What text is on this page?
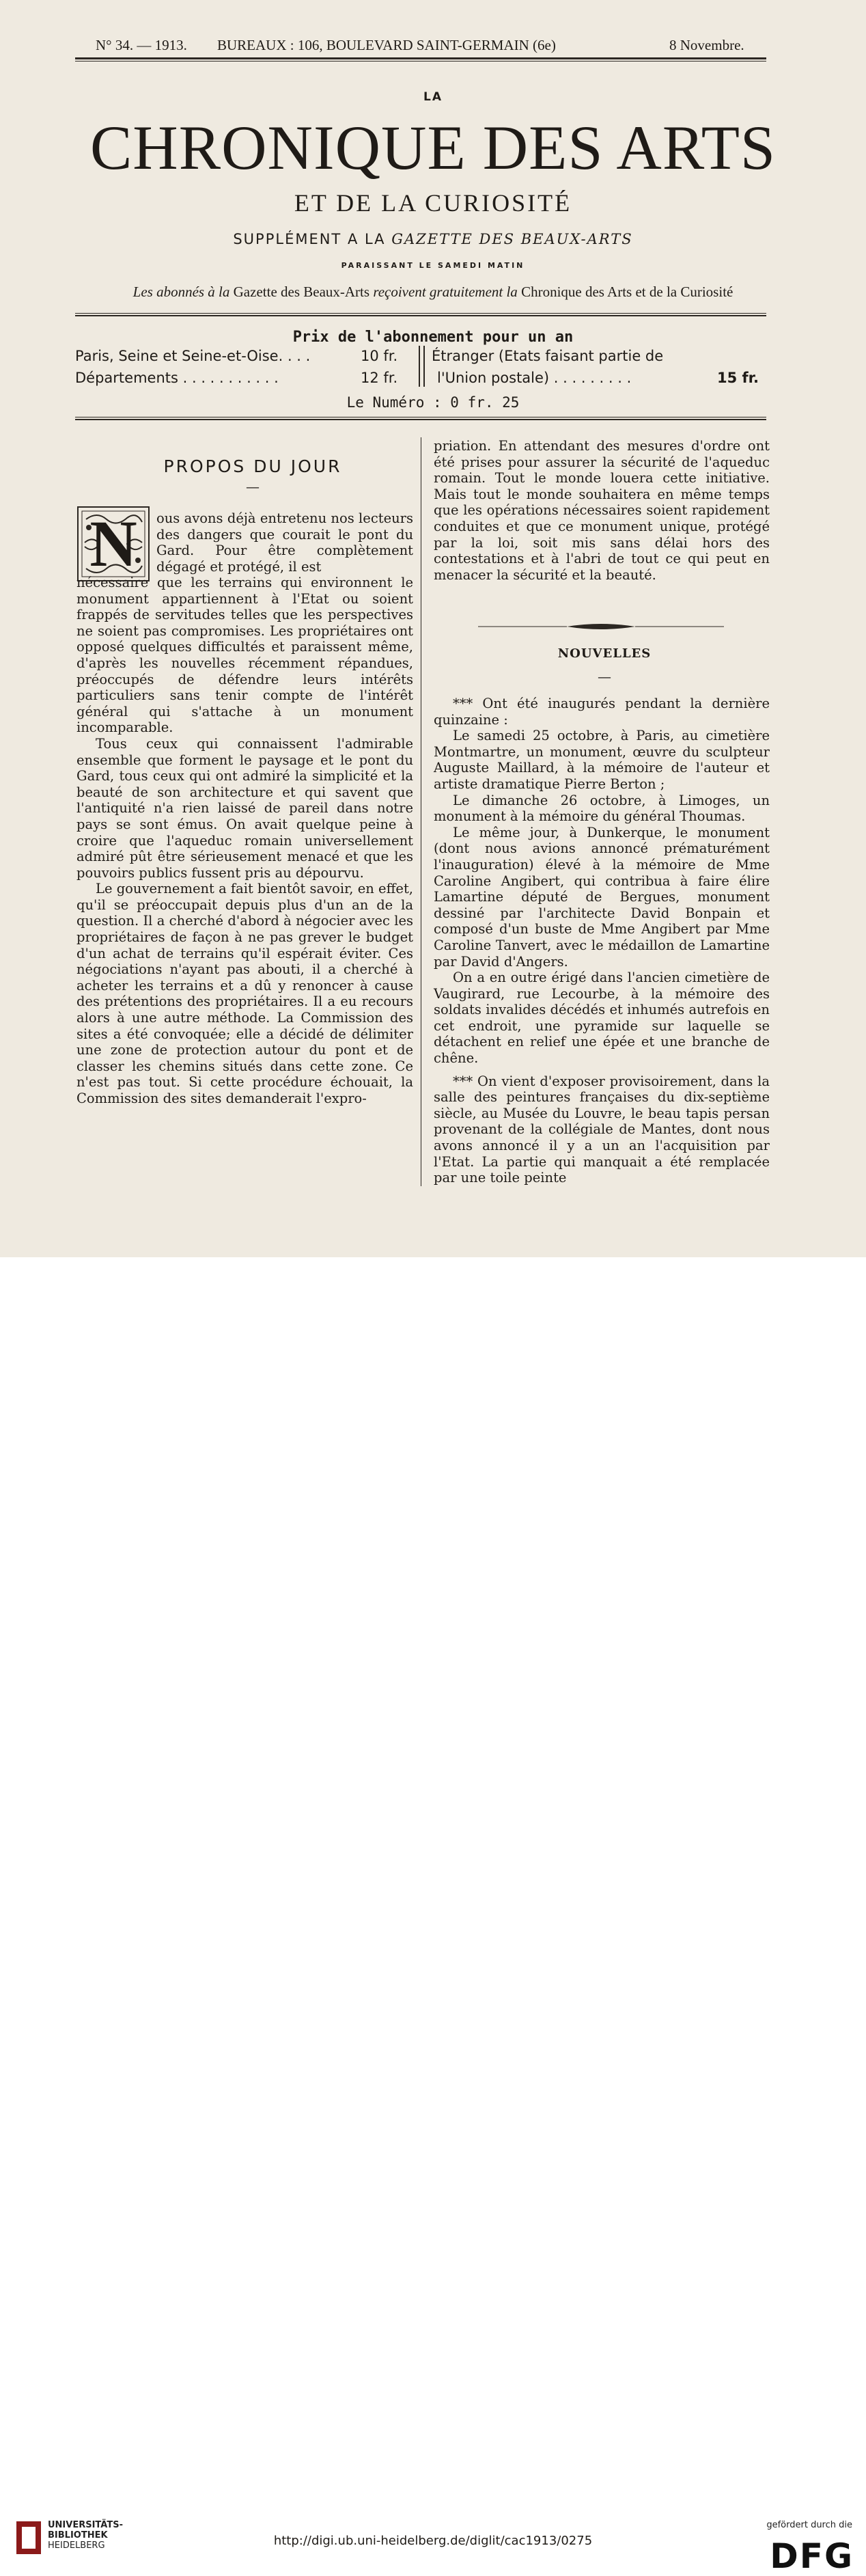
N° 34. — 1913. BUREAUX : 106, BOULEVARD SAINT-GERMAIN (6e)	8 Novembre.
LA
CHRONIQUE DES ARTS
ET DE LA CURIOSITÉ
SUPPLÉMENT A LA GAZETTE DES BEAUX-ARTS
PARAISSANT LE SAMEDI MATIN
Les abonnés à la Gazette des Beaux-Arts reçoivent gratuitement la Chronique des Arts et de la Curiosité
Prix de l'abonnement pour un an
Paris, Seine et Seine-et-Oise. . . .	10 fr.
Départements . . . . . . . . . . .	12 fr.
Étranger (Etats faisant partie de
l'Union postale) . . . . . . . . .	15 fr.
Le Numéro : 0 fr. 25
PROPOS DU JOUR
—
N	ous avons déjà entretenu nos lecteurs des dangers que courait le pont du Gard. Pour être complètement dégagé et protégé, il est

nécessaire que les terrains qui environnent le monument appartiennent à l'Etat ou soient frappés de servitudes telles que les perspectives ne soient pas compromises. Les propriétaires ont opposé quelques difficultés et paraissent même, d'après les nouvelles récemment répandues, préoccupés de défendre leurs intérêts particuliers sans tenir compte de l'intérêt général qui s'attache à un monument incomparable.

Tous ceux qui connaissent l'admirable ensemble que forment le paysage et le pont du Gard, tous ceux qui ont admiré la simplicité et la beauté de son architecture et qui savent que l'antiquité n'a rien laissé de pareil dans notre pays se sont émus. On avait quelque peine à croire que l'aqueduc romain universellement admiré pût être sérieusement menacé et que les pouvoirs publics fussent pris au dépourvu.

Le gouvernement a fait bientôt savoir, en effet, qu'il se préoccupait depuis plus d'un an de la question. Il a cherché d'abord à négocier avec les propriétaires de façon à ne pas grever le budget d'un achat de terrains qu'il espérait éviter. Ces négociations n'ayant pas abouti, il a cherché à acheter les terrains et a dû y renoncer à cause des prétentions des propriétaires. Il a eu recours alors à une autre méthode. La Commission des sites a été convoquée; elle a décidé de délimiter une zone de protection autour du pont et de classer les chemins situés dans cette zone. Ce n'est pas tout. Si cette procédure échouait, la Commission des sites demanderait l'expro-

priation. En attendant des mesures d'ordre ont été prises pour assurer la sécurité de l'aqueduc romain. Tout le monde louera cette initiative. Mais tout le monde souhaitera en même temps que les opérations nécessaires soient rapidement conduites et que ce monument unique, protégé par la loi, soit mis sans délai hors des contestations et à l'abri de tout ce qui peut en menacer la sécurité et la beauté.

NOUVELLES
—

*** Ont été inaugurés pendant la dernière quinzaine :

Le samedi 25 octobre, à Paris, au cimetière Montmartre, un monument, œuvre du sculpteur Auguste Maillard, à la mémoire de l'auteur et artiste dramatique Pierre Berton ;

Le dimanche 26 octobre, à Limoges, un monument à la mémoire du général Thoumas.

Le même jour, à Dunkerque, le monument (dont nous avions annoncé prématurément l'inauguration) élevé à la mémoire de Mme Caroline Angibert, qui contribua à faire élire Lamartine député de Bergues, monument dessiné par l'architecte David Bonpain et composé d'un buste de Mme Angibert par Mme Caroline Tanvert, avec le médaillon de Lamartine par David d'Angers.

On a en outre érigé dans l'ancien cimetière de Vaugirard, rue Lecourbe, à la mémoire des soldats invalides décédés et inhumés autrefois en cet endroit, une pyramide sur laquelle se détachent en relief une épée et une branche de chêne.

*** On vient d'exposer provisoirement, dans la salle des peintures françaises du dix-septième siècle, au Musée du Louvre, le beau tapis persan provenant de la collégiale de Mantes, dont nous avons annoncé il y a un an l'acquisition par l'Etat. La partie qui manquait a été remplacée par une toile peinte

UNIVERSITÄTS-
BIBLIOTHEK
HEIDELBERG	http://digi.ub.uni-heidelberg.de/diglit/cac1913/0275
gefördert durch die
DFG
